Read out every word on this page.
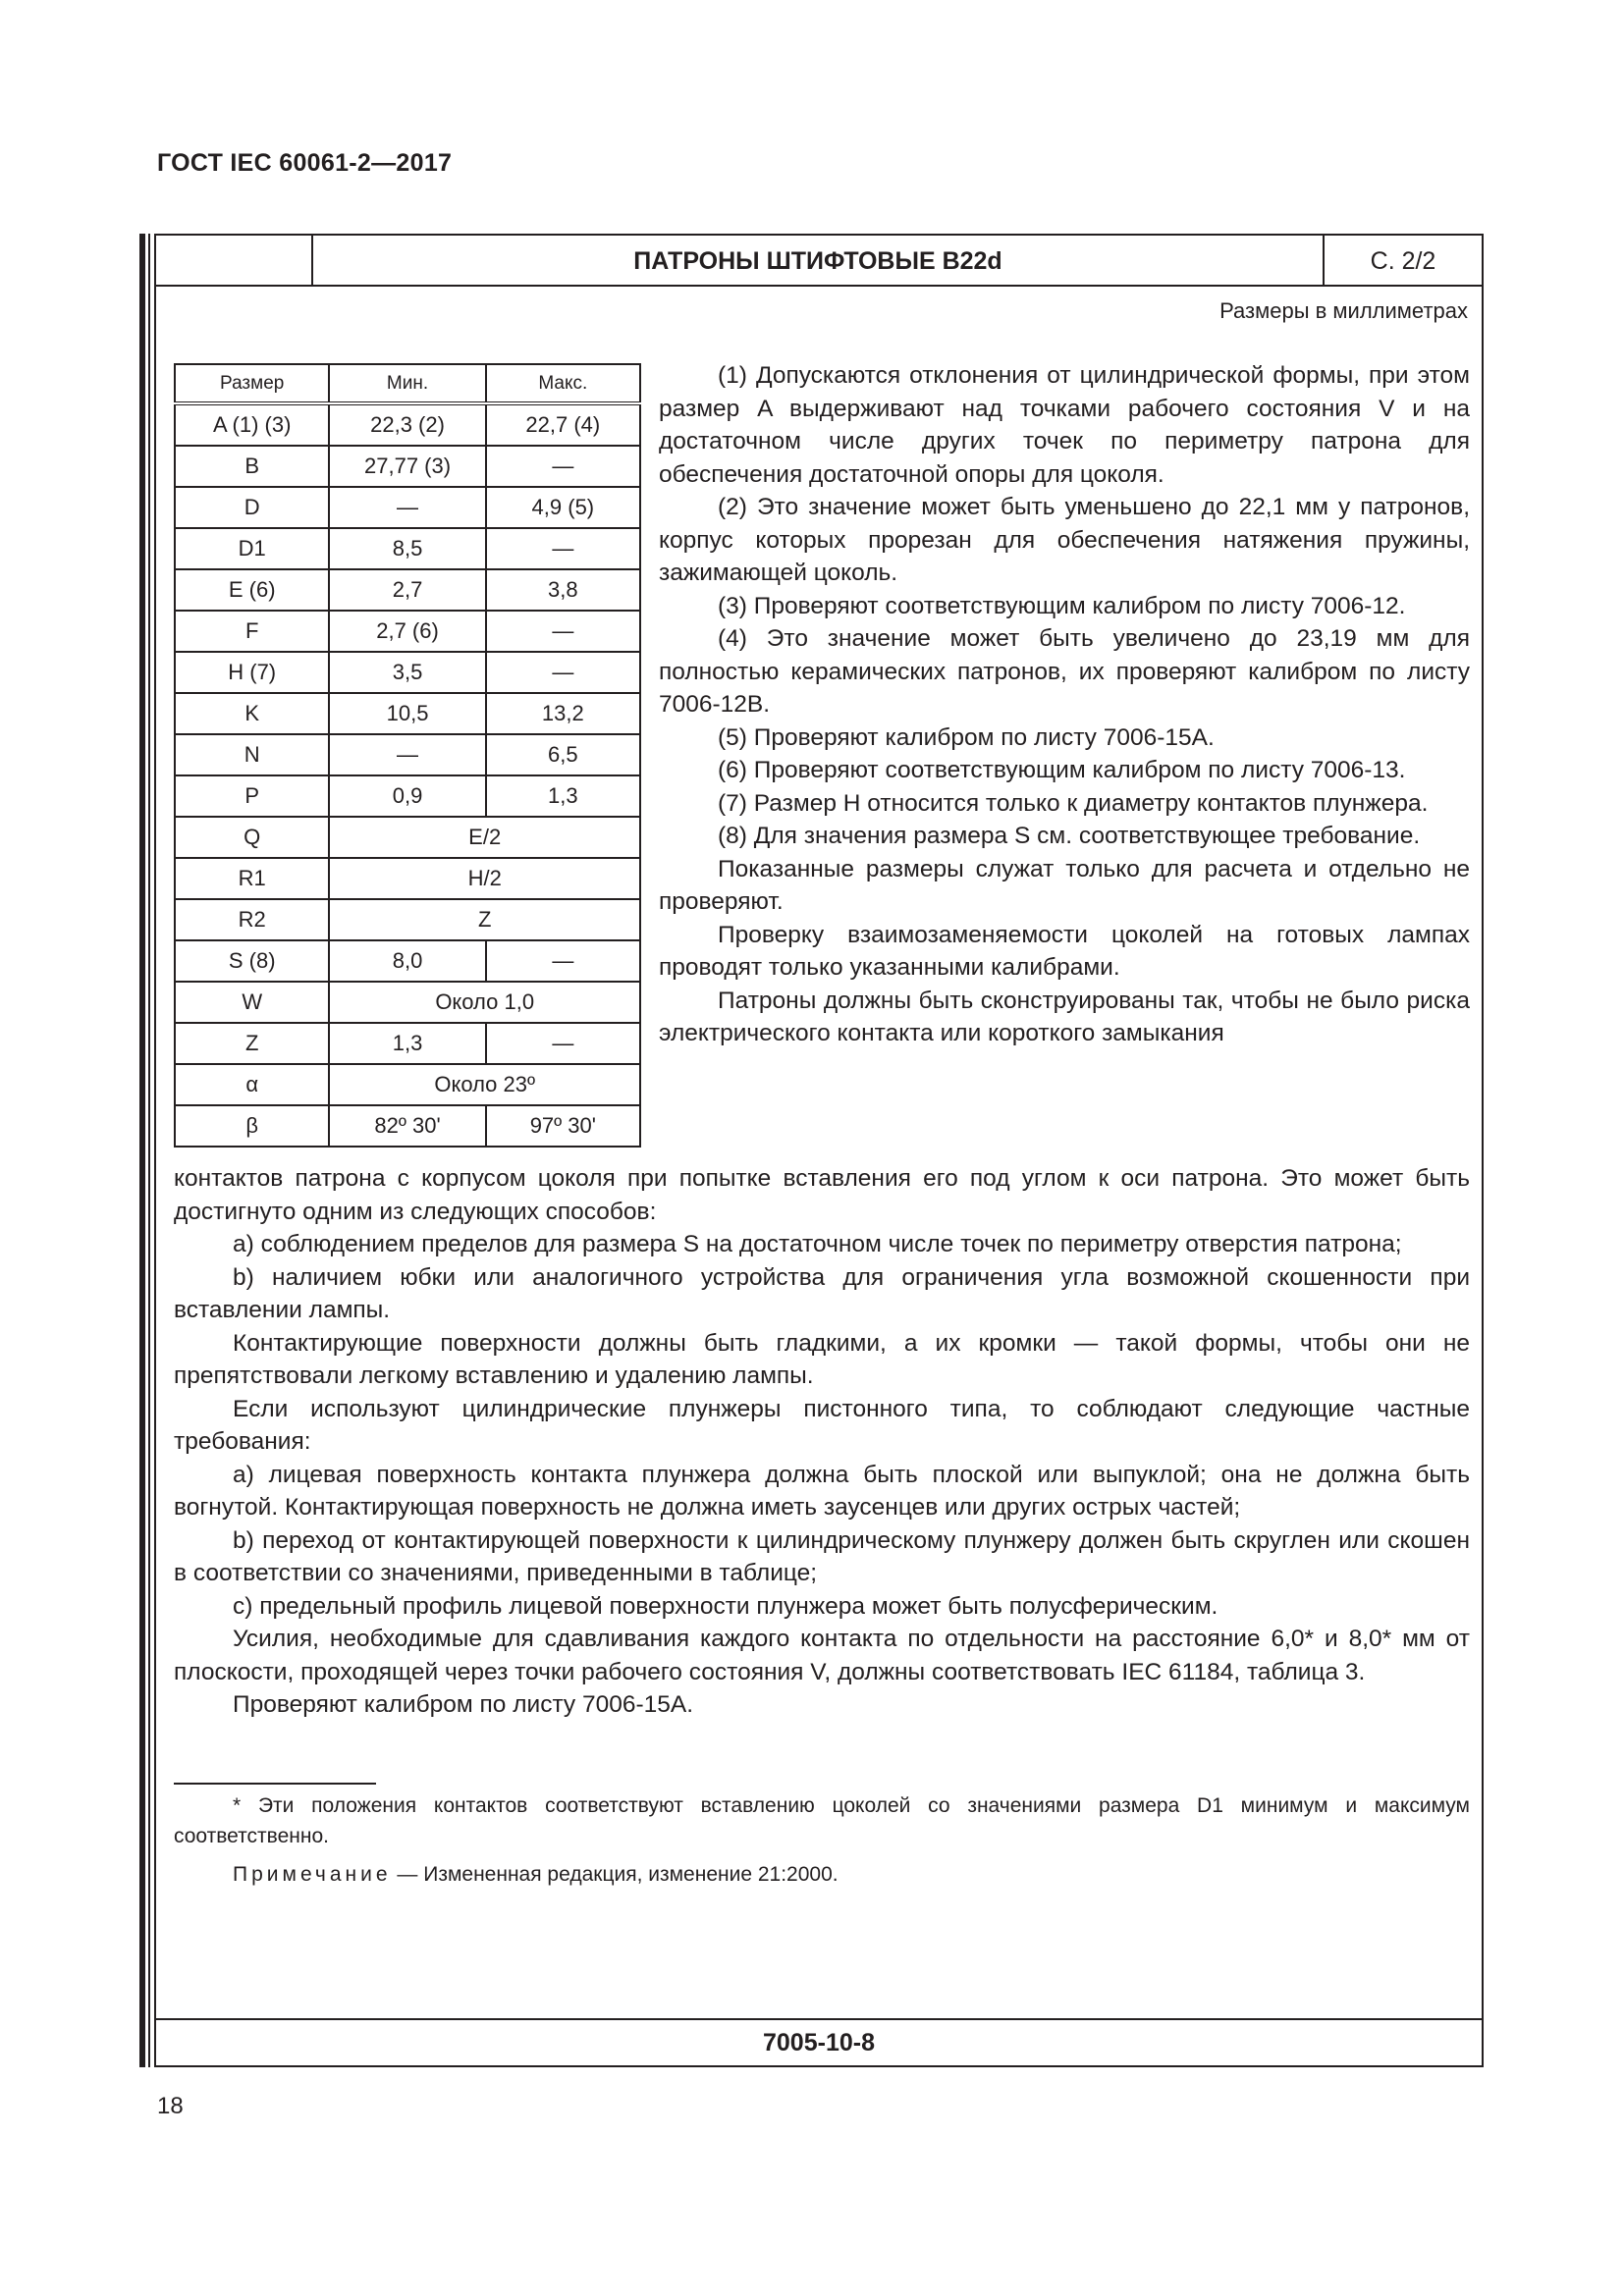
ГОСТ IEC 60061-2—2017
ПАТРОНЫ ШТИФТОВЫЕ B22d	С. 2/2
Размеры в миллиметрах
Размер	Мин.	Макс.
A (1) (3)	22,3 (2)	22,7 (4)
B	27,77 (3)	—
D	—	4,9 (5)
D1	8,5	—
E (6)	2,7	3,8
F	2,7 (6)	—
H (7)	3,5	—
K	10,5	13,2
N	—	6,5
P	0,9	1,3
Q	E/2	
R1	H/2	
R2	Z	
S (8)	8,0	—
W	Около 1,0	
Z	1,3	—
α	Около 23º	
β	82º 30'	97º 30'

(1) Допускаются отклонения от цилиндрической формы, при этом размер A выдерживают над точками рабочего состояния V и на достаточном числе других точек по периметру патрона для обеспечения достаточной опоры для цоколя.

(2) Это значение может быть уменьшено до 22,1 мм у патронов, корпус которых прорезан для обеспечения натяжения пружины, зажимающей цоколь.

(3) Проверяют соответствующим калибром по листу 7006-12.

(4) Это значение может быть увеличено до 23,19 мм для полностью керамических патронов, их проверяют калибром по листу 7006-12В.

(5) Проверяют калибром по листу 7006-15А.

(6) Проверяют соответствующим калибром по листу 7006-13.

(7) Размер Н относится только к диаметру контактов плунжера.

(8) Для значения размера S см. соответствующее требование.

Показанные размеры служат только для расчета и отдельно не проверяют.

Проверку взаимозаменяемости цоколей на готовых лампах проводят только указанными калибрами.

Патроны должны быть сконструированы так, чтобы не было риска электрического контакта или короткого замыкания

контактов патрона с корпусом цоколя при попытке вставления его под углом к оси патрона. Это может быть достигнуто одним из следующих способов:

a) соблюдением пределов для размера S на достаточном числе точек по периметру отверстия патрона;

b) наличием юбки или аналогичного устройства для ограничения угла возможной скошенности при вставлении лампы.

Контактирующие поверхности должны быть гладкими, а их кромки — такой формы, чтобы они не препятствовали легкому вставлению и удалению лампы.

Если используют цилиндрические плунжеры пистонного типа, то соблюдают следующие частные требования:

a) лицевая поверхность контакта плунжера должна быть плоской или выпуклой; она не должна быть вогнутой. Контактирующая поверхность не должна иметь заусенцев или других острых частей;

b) переход от контактирующей поверхности к цилиндрическому плунжеру должен быть скруглен или скошен в соответствии со значениями, приведенными в таблице;

c) предельный профиль лицевой поверхности плунжера может быть полусферическим.

Усилия, необходимые для сдавливания каждого контакта по отдельности на расстояние 6,0* и 8,0* мм от плоскости, проходящей через точки рабочего состояния V, должны соответствовать IEC 61184, таблица 3.

Проверяют калибром по листу 7006-15А.

* Эти положения контактов соответствуют вставлению цоколей со значениями размера D1 минимум и максимум соответственно.

Примечание — Измененная редакция, изменение 21:2000.
7005-10-8
18
